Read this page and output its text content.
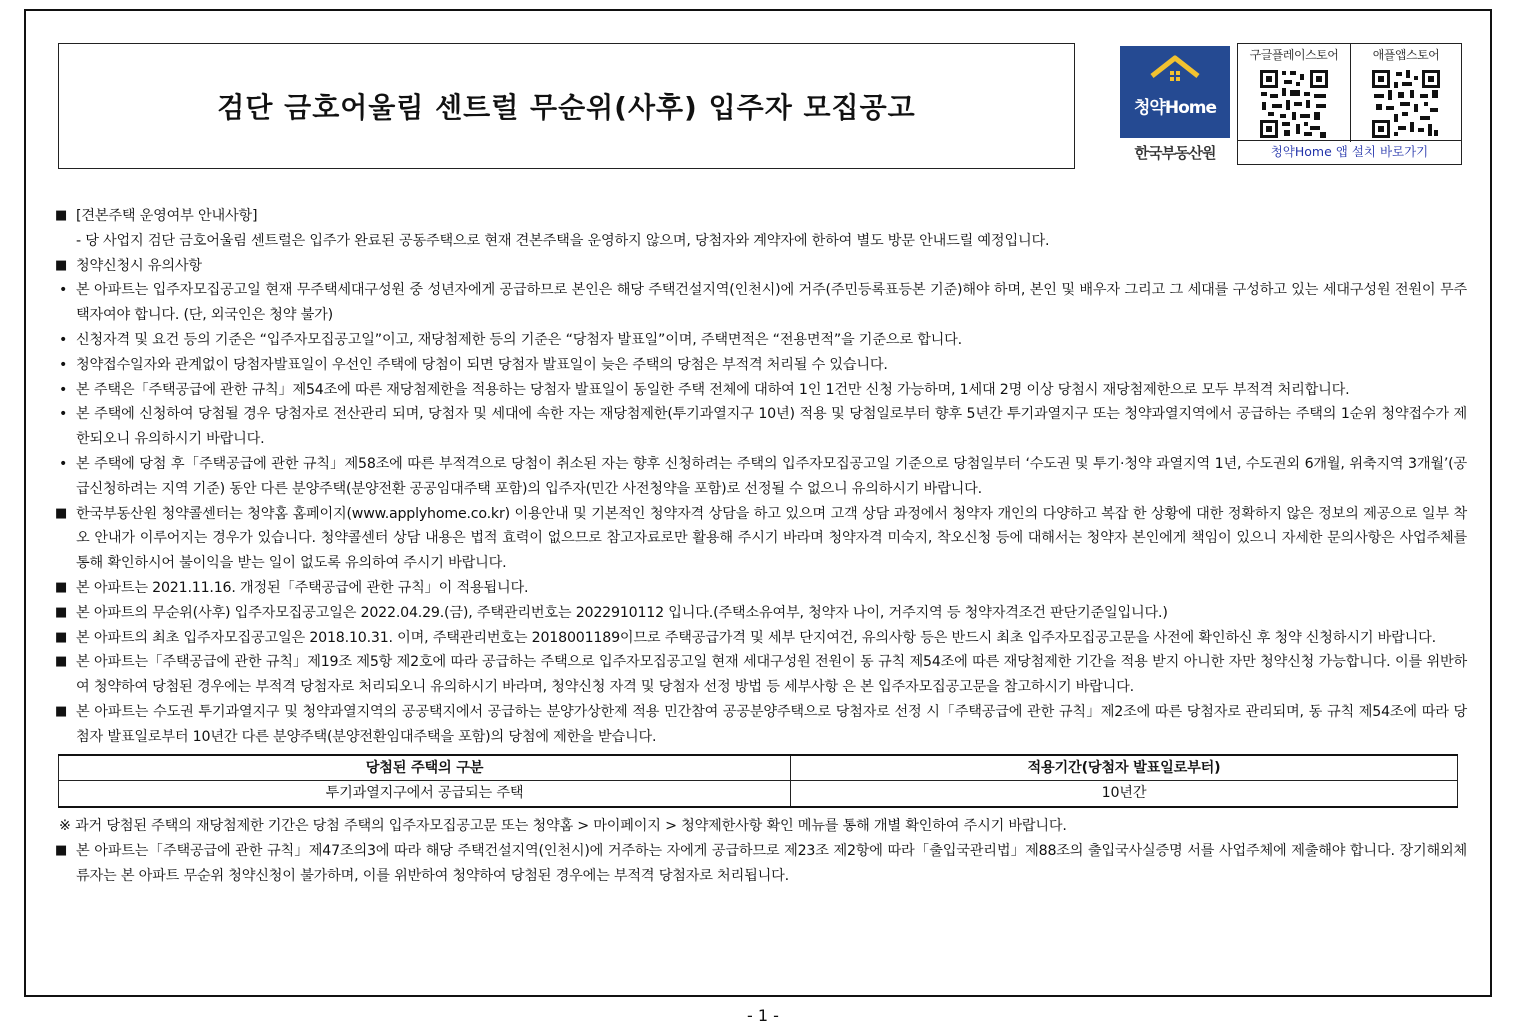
검단 금호어울림 센트럴 무순위(사후) 입주자 모집공고	청약Home
한국부동산원
구글플레이스토어	애플앱스토어
청약Home 앱 설치 바로가기
■ [견본주택 운영여부 안내사항]
- 당 사업지 검단 금호어울림 센트럴은 입주가 완료된 공동주택으로 현재 견본주택을 운영하지 않으며, 당첨자와 계약자에 한하여 별도 방문 안내드릴 예정입니다.
■ 청약신청시 유의사항
• 본 아파트는 입주자모집공고일 현재 무주택세대구성원 중 성년자에게 공급하므로 본인은 해당 주택건설지역(인천시)에 거주(주민등록표등본 기준)해야 하며, 본인 및 배우자 그리고 그 세대를 구성하고 있는 세대구성원 전원이 무주택자여야 합니다. (단, 외국인은 청약 불가)
• 신청자격 및 요건 등의 기준은 “입주자모집공고일”이고, 재당첨제한 등의 기준은 “당첨자 발표일”이며, 주택면적은 “전용면적”을 기준으로 합니다.
• 청약접수일자와 관계없이 당첨자발표일이 우선인 주택에 당첨이 되면 당첨자 발표일이 늦은 주택의 당첨은 부적격 처리될 수 있습니다.
• 본 주택은「주택공급에 관한 규칙」제54조에 따른 재당첨제한을 적용하는 당첨자 발표일이 동일한 주택 전체에 대하여 1인 1건만 신청 가능하며, 1세대 2명 이상 당첨시 재당첨제한으로 모두 부적격 처리합니다.
• 본 주택에 신청하여 당첨될 경우 당첨자로 전산관리 되며, 당첨자 및 세대에 속한 자는 재당첨제한(투기과열지구 10년) 적용 및 당첨일로부터 향후 5년간 투기과열지구 또는 청약과열지역에서 공급하는 주택의 1순위 청약접수가 제한되오니 유의하시기 바랍니다.
• 본 주택에 당첨 후「주택공급에 관한 규칙」제58조에 따른 부적격으로 당첨이 취소된 자는 향후 신청하려는 주택의 입주자모집공고일 기준으로 당첨일부터 ‘수도권 및 투기·청약 과열지역 1년, 수도권외 6개월, 위축지역 3개월’(공급신청하려는 지역 기준) 동안 다른 분양주택(분양전환 공공임대주택 포함)의 입주자(민간 사전청약을 포함)로 선정될 수 없으니 유의하시기 바랍니다.
■ 한국부동산원 청약콜센터는 청약홈 홈페이지(www.applyhome.co.kr) 이용안내 및 기본적인 청약자격 상담을 하고 있으며 고객 상담 과정에서 청약자 개인의 다양하고 복잡 한 상황에 대한 정확하지 않은 정보의 제공으로 일부 착오 안내가 이루어지는 경우가 있습니다. 청약콜센터 상담 내용은 법적 효력이 없으므로 참고자료로만 활용해 주시기 바라며 청약자격 미숙지, 착오신청 등에 대해서는 청약자 본인에게 책임이 있으니 자세한 문의사항은 사업주체를 통해 확인하시어 불이익을 받는 일이 없도록 유의하여 주시기 바랍니다.
■ 본 아파트는 2021.11.16. 개정된「주택공급에 관한 규칙」이 적용됩니다.
■ 본 아파트의 무순위(사후) 입주자모집공고일은 2022.04.29.(금), 주택관리번호는 2022910112 입니다.(주택소유여부, 청약자 나이, 거주지역 등 청약자격조건 판단기준일입니다.)
■ 본 아파트의 최초 입주자모집공고일은 2018.10.31. 이며, 주택관리번호는 2018001189이므로 주택공급가격 및 세부 단지여건, 유의사항 등은 반드시 최초 입주자모집공고문을 사전에 확인하신 후 청약 신청하시기 바랍니다.
■ 본 아파트는「주택공급에 관한 규칙」제19조 제5항 제2호에 따라 공급하는 주택으로 입주자모집공고일 현재 세대구성원 전원이 동 규칙 제54조에 따른 재당첨제한 기간을 적용 받지 아니한 자만 청약신청 가능합니다. 이를 위반하여 청약하여 당첨된 경우에는 부적격 당첨자로 처리되오니 유의하시기 바라며, 청약신청 자격 및 당첨자 선정 방법 등 세부사항 은 본 입주자모집공고문을 참고하시기 바랍니다.
■ 본 아파트는 수도권 투기과열지구 및 청약과열지역의 공공택지에서 공급하는 분양가상한제 적용 민간참여 공공분양주택으로 당첨자로 선정 시「주택공급에 관한 규칙」제2조에 따른 당첨자로 관리되며, 동 규칙 제54조에 따라 당첨자 발표일로부터 10년간 다른 분양주택(분양전환임대주택을 포함)의 당첨에 제한을 받습니다.
당첨된 주택의 구분	적용기간(당첨자 발표일로부터)
투기과열지구에서 공급되는 주택	10년간
※ 과거 당첨된 주택의 재당첨제한 기간은 당첨 주택의 입주자모집공고문 또는 청약홈 > 마이페이지 > 청약제한사항 확인 메뉴를 통해 개별 확인하여 주시기 바랍니다.
■ 본 아파트는「주택공급에 관한 규칙」제47조의3에 따라 해당 주택건설지역(인천시)에 거주하는 자에게 공급하므로 제23조 제2항에 따라「출입국관리법」제88조의 출입국사실증명 서를 사업주체에 제출해야 합니다. 장기해외체류자는 본 아파트 무순위 청약신청이 불가하며, 이를 위반하여 청약하여 당첨된 경우에는 부적격 당첨자로 처리됩니다.
- 1 -
